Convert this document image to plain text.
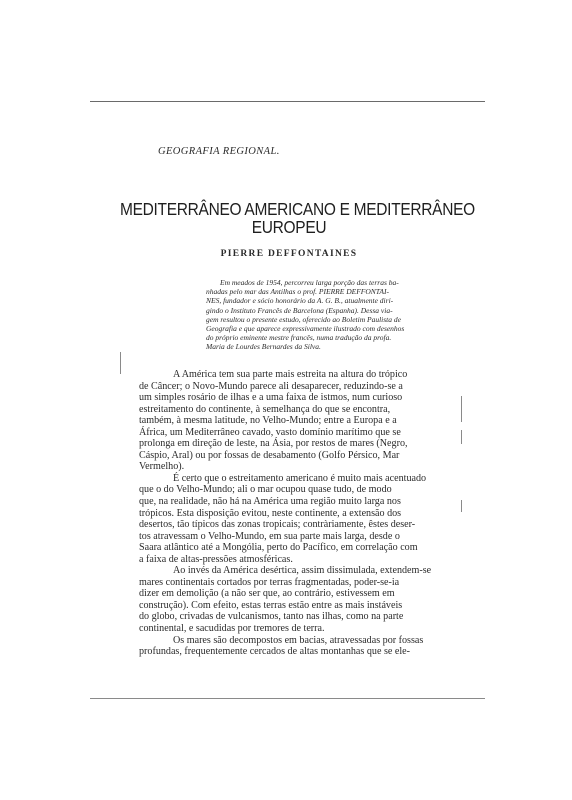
GEOGRAFIA REGIONAL.
MEDITERRÂNEO AMERICANO E MEDITERRÂNEO
EUROPEU
PIERRE DEFFONTAINES
Em meados de 1954, percorreu larga porção das terras ba-
nhadas pelo mar das Antilhas o prof. PIERRE DEFFONTAI-
NES, fundador e sócio honorário da A. G. B., atualmente diri-
gindo o Instituto Francês de Barcelona (Espanha). Dessa via-
gem resultou o presente estudo, oferecido ao Boletim Paulista de
Geografia e que aparece expressivamente ilustrado com desenhos
do próprio eminente mestre francês, numa tradução da profa.
Maria de Lourdes Bernardes da Silva.
A América tem sua parte mais estreita na altura do trópico
de Câncer; o Novo-Mundo parece ali desaparecer, reduzindo-se a
um simples rosário de ilhas e a uma faixa de istmos, num curioso
estreitamento do continente, à semelhança do que se encontra,
também, à mesma latitude, no Velho-Mundo; entre a Europa e a
África, um Mediterrâneo cavado, vasto domínio marítimo que se
prolonga em direção de leste, na Ásia, por restos de mares (Negro,
Cáspio, Aral) ou por fossas de desabamento (Golfo Pérsico, Mar
Vermelho).
É certo que o estreitamento americano é muito mais acentuado
que o do Velho-Mundo; ali o mar ocupou quase tudo, de modo
que, na realidade, não há na América uma região muito larga nos
trópicos. Esta disposição evitou, neste continente, a extensão dos
desertos, tão típicos das zonas tropicais; contràriamente, êstes deser-
tos atravessam o Velho-Mundo, em sua parte mais larga, desde o
Saara atlântico até a Mongólia, perto do Pacífico, em correlação com
a faixa de altas-pressões atmosféricas.
Ao invés da América desértica, assim dissimulada, extendem-se
mares continentais cortados por terras fragmentadas, poder-se-ia
dizer em demolição (a não ser que, ao contrário, estivessem em
construção). Com efeito, estas terras estão entre as mais instáveis
do globo, crivadas de vulcanismos, tanto nas ilhas, como na parte
continental, e sacudidas por tremores de terra.
Os mares são decompostos em bacias, atravessadas por fossas
profundas, frequentemente cercados de altas montanhas que se ele-
